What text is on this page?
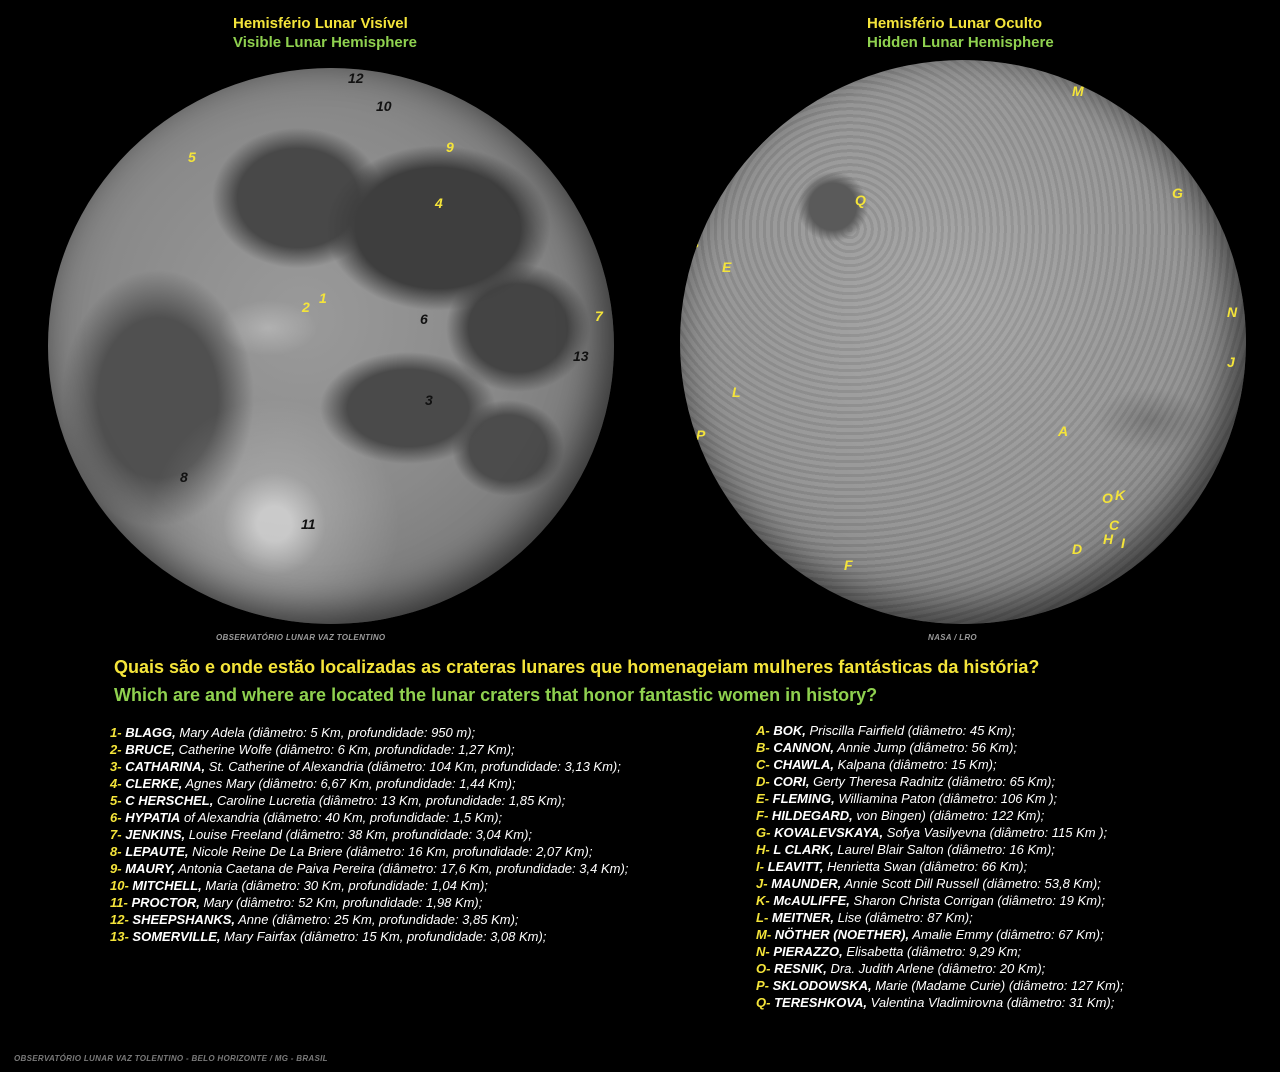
Hemisfério Lunar Visível
Visible Lunar Hemisphere
Hemisfério Lunar Oculto
Hidden Lunar Hemisphere
12
10
5
9
4
2
1
6	7
13
3
8
11
M
G
Q
B
E
N
J
L
P	A
O K
C
H I
D
F
OBSERVATÓRIO LUNAR VAZ TOLENTINO	NASA / LRO
Quais são e onde estão localizadas as crateras lunares que homenageiam mulheres fantásticas da história?
Which are and where are located the lunar craters that honor fantastic women in history?
1- BLAGG, Mary Adela (diâmetro: 5 Km, profundidade: 950 m);
2- BRUCE, Catherine Wolfe (diâmetro: 6 Km, profundidade: 1,27 Km);
3- CATHARINA, St. Catherine of Alexandria (diâmetro: 104 Km, profundidade: 3,13 Km);
4- CLERKE, Agnes Mary (diâmetro: 6,67 Km, profundidade: 1,44 Km);
5- C HERSCHEL, Caroline Lucretia (diâmetro: 13 Km, profundidade: 1,85 Km);
6- HYPATIA of Alexandria (diâmetro: 40 Km, profundidade: 1,5 Km);
7- JENKINS, Louise Freeland (diâmetro: 38 Km, profundidade: 3,04 Km);
8- LEPAUTE, Nicole Reine De La Briere (diâmetro: 16 Km, profundidade: 2,07 Km);
9- MAURY, Antonia Caetana de Paiva Pereira (diâmetro: 17,6 Km, profundidade: 3,4 Km);
10- MITCHELL, Maria (diâmetro: 30 Km, profundidade: 1,04 Km);
11- PROCTOR, Mary (diâmetro: 52 Km, profundidade: 1,98 Km);
12- SHEEPSHANKS, Anne (diâmetro: 25 Km, profundidade: 3,85 Km);
13- SOMERVILLE, Mary Fairfax (diâmetro: 15 Km, profundidade: 3,08 Km);
A- BOK, Priscilla Fairfield (diâmetro: 45 Km);
B- CANNON, Annie Jump (diâmetro: 56 Km);
C- CHAWLA, Kalpana (diâmetro: 15 Km);
D- CORI, Gerty Theresa Radnitz (diâmetro: 65 Km);
E- FLEMING, Williamina Paton (diâmetro: 106 Km );
F- HILDEGARD, von Bingen) (diâmetro: 122 Km);
G- KOVALEVSKAYA, Sofya Vasilyevna (diâmetro: 115 Km );
H- L CLARK, Laurel Blair Salton (diâmetro: 16 Km);
I- LEAVITT, Henrietta Swan (diâmetro: 66 Km);
J- MAUNDER, Annie Scott Dill Russell (diâmetro: 53,8 Km);
K- McAULIFFE, Sharon Christa Corrigan (diâmetro: 19 Km);
L- MEITNER, Lise (diâmetro: 87 Km);
M- NÖTHER (NOETHER), Amalie Emmy (diâmetro: 67 Km);
N- PIERAZZO, Elisabetta (diâmetro: 9,29 Km;
O- RESNIK, Dra. Judith Arlene (diâmetro: 20 Km);
P- SKLODOWSKA, Marie (Madame Curie) (diâmetro: 127 Km);
Q- TERESHKOVA, Valentina Vladimirovna (diâmetro: 31 Km);
OBSERVATÓRIO LUNAR VAZ TOLENTINO - BELO HORIZONTE / MG - BRASIL
